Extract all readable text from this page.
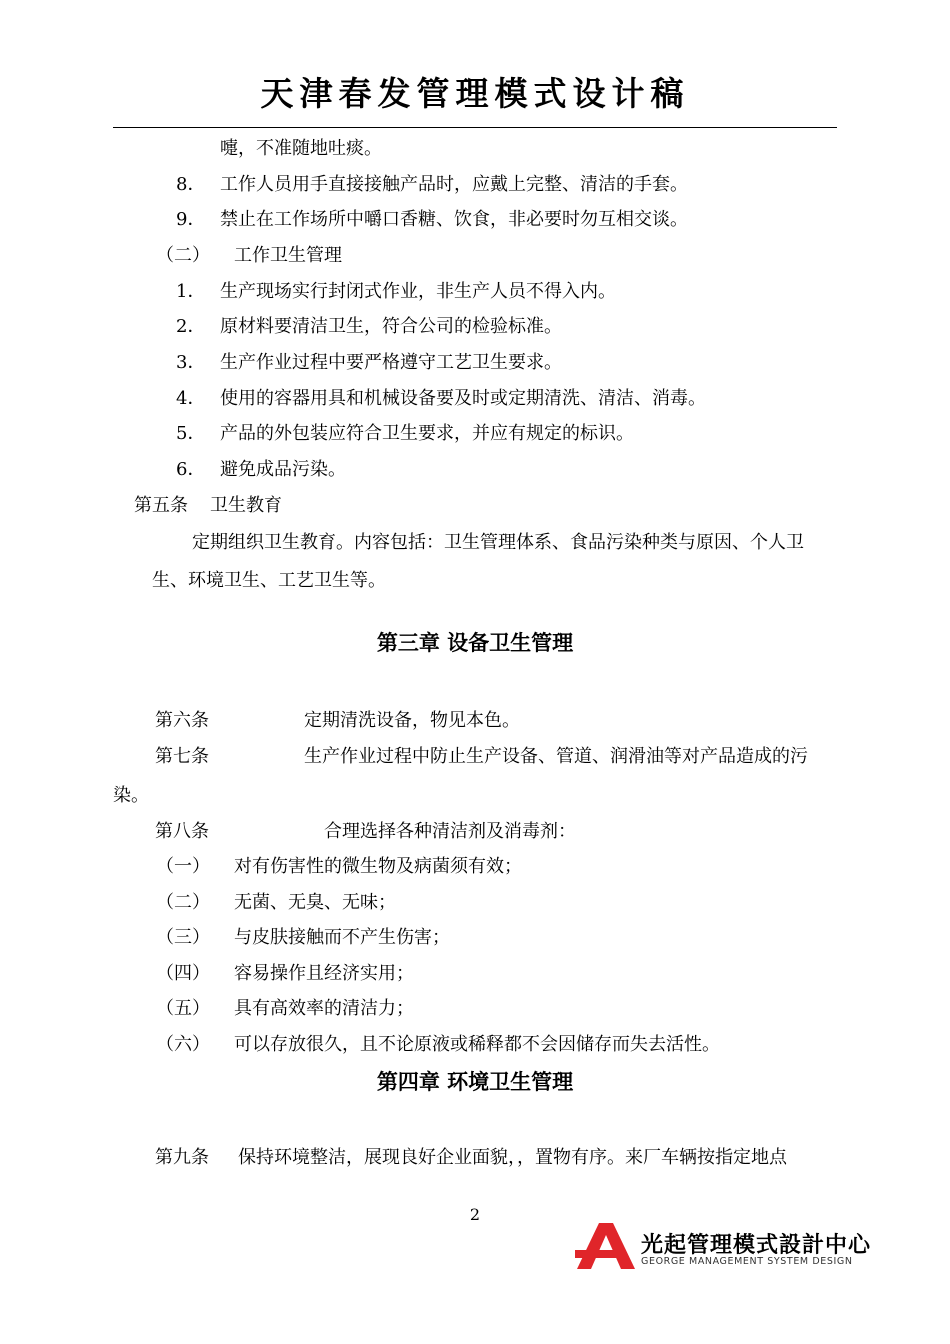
天津春发管理模式设计稿
嚏，不准随地吐痰。
8． 工作人员用手直接接触产品时，应戴上完整、清洁的手套。
9． 禁止在工作场所中嚼口香糖、饮食，非必要时勿互相交谈。
（二） 工作卫生管理
1． 生产现场实行封闭式作业，非生产人员不得入内。
2． 原材料要清洁卫生，符合公司的检验标准。
3． 生产作业过程中要严格遵守工艺卫生要求。
4． 使用的容器用具和机械设备要及时或定期清洗、清洁、消毒。
5． 产品的外包装应符合卫生要求，并应有规定的标识。
6． 避免成品污染。
第五条 卫生教育
定期组织卫生教育。内容包括：卫生管理体系、食品污染种类与原因、个人卫
生、环境卫生、工艺卫生等。
第三章 设备卫生管理
第六条	定期清洗设备，物见本色。
第七条	生产作业过程中防止生产设备、管道、润滑油等对产品造成的污
染。
第八条	合理选择各种清洁剂及消毒剂：
（一） 对有伤害性的微生物及病菌须有效；
（二） 无菌、无臭、无味；
（三） 与皮肤接触而不产生伤害；
（四） 容易操作且经济实用；
（五） 具有高效率的清洁力；
（六） 可以存放很久，且不论原液或稀释都不会因储存而失去活性。
第四章 环境卫生管理
第九条 保持环境整洁，展现良好企业面貌，，置物有序。来厂车辆按指定地点
2
光起管理模式設計中心
GEORGE MANAGEMENT SYSTEM DESIGN
